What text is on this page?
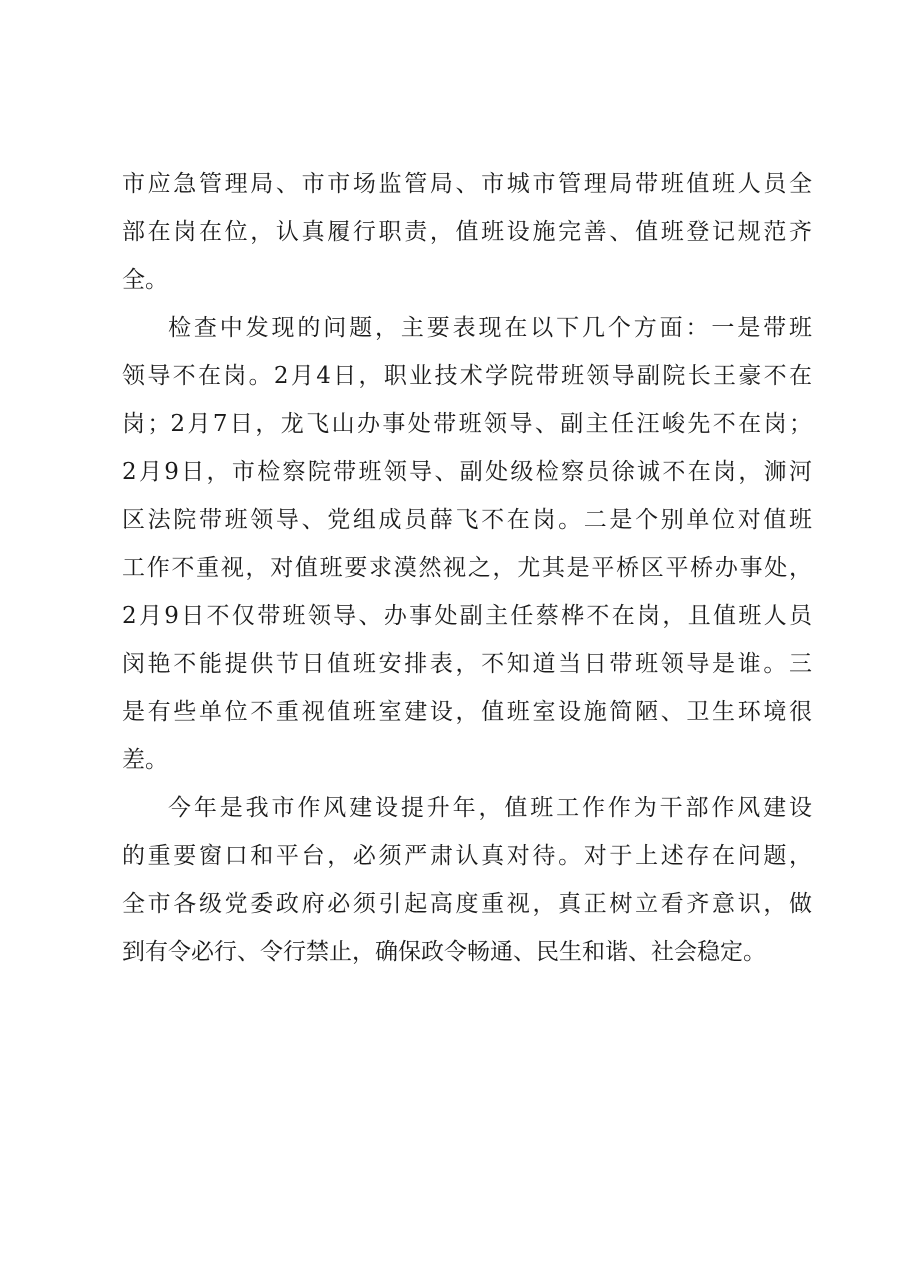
市应急管理局、市市场监管局、市城市管理局带班值班人员全
部在岗在位，认真履行职责，值班设施完善、值班登记规范齐
全。
检查中发现的问题，主要表现在以下几个方面：一是带班
领导不在岗。2月4日，职业技术学院带班领导副院长王豪不在
岗；2月7日，龙飞山办事处带班领导、副主任汪峻先不在岗；
2月9日，市检察院带班领导、副处级检察员徐诚不在岗，浉河
区法院带班领导、党组成员薛飞不在岗。二是个别单位对值班
工作不重视，对值班要求漠然视之，尤其是平桥区平桥办事处，
2月9日不仅带班领导、办事处副主任蔡桦不在岗，且值班人员
闵艳不能提供节日值班安排表，不知道当日带班领导是谁。三
是有些单位不重视值班室建设，值班室设施简陋、卫生环境很
差。
今年是我市作风建设提升年，值班工作作为干部作风建设
的重要窗口和平台，必须严肃认真对待。对于上述存在问题，
全市各级党委政府必须引起高度重视，真正树立看齐意识，做
到有令必行、令行禁止，确保政令畅通、民生和谐、社会稳定。
